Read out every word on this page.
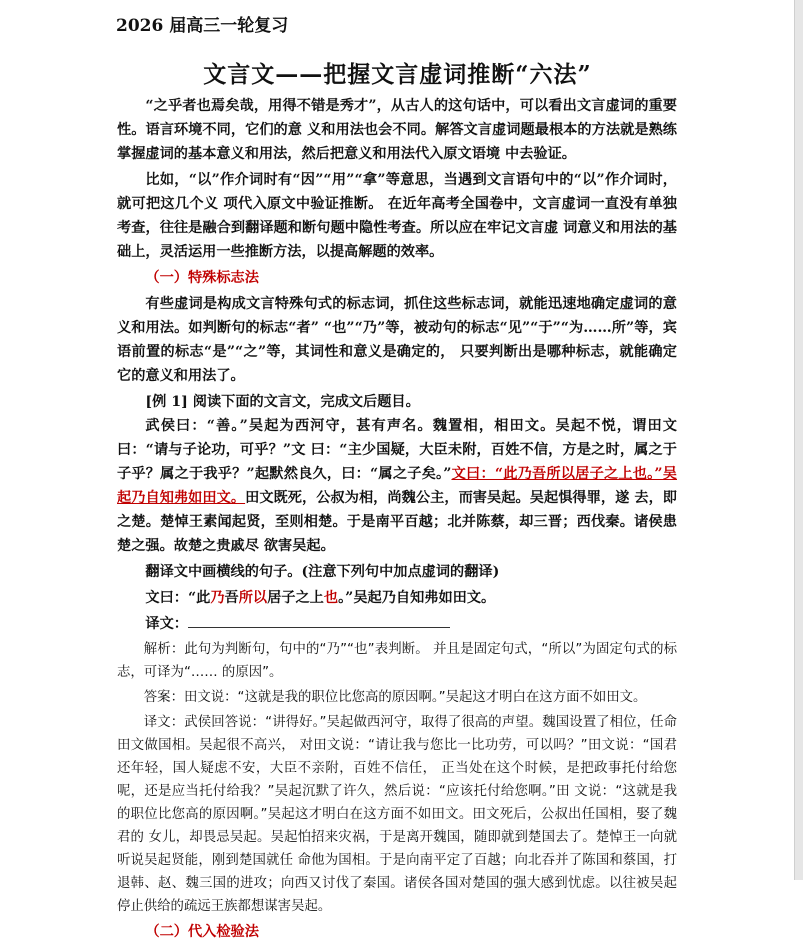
2026 届高三一轮复习
文言文——把握文言虚词推断“六法”

“之乎者也焉矣哉，用得不错是秀才”，从古人的这句话中，可以看出文言虚词的重要性。语言环境不同，它们的意 义和用法也会不同。解答文言虚词题最根本的方法就是熟练掌握虚词的基本意义和用法，然后把意义和用法代入原文语境 中去验证。

比如，“以”作介词时有“因”“用”“拿”等意思，当遇到文言语句中的“以”作介词时，就可把这几个义 项代入原文中验证推断。 在近年高考全国卷中，文言虚词一直没有单独考查，往往是融合到翻译题和断句题中隐性考查。所以应在牢记文言虚 词意义和用法的基础上，灵活运用一些推断方法，以提高解题的效率。

（一）特殊标志法

有些虚词是构成文言特殊句式的标志词，抓住这些标志词，就能迅速地确定虚词的意义和用法。如判断句的标志“者” “也”“乃”等，被动句的标志“见”“于”“为……所”等，宾语前置的标志“是”“之”等，其词性和意义是确定的， 只要判断出是哪种标志，就能确定它的意义和用法了。

[例 1] 阅读下面的文言文，完成文后题目。

武侯曰：“善。”吴起为西河守，甚有声名。魏置相，相田文。吴起不悦，谓田文曰：“请与子论功，可乎？”文 曰：“主少国疑，大臣未附，百姓不信，方是之时，属之于子乎？属之于我乎？”起默然良久，曰：“属之子矣。”文曰：“此乃吾所以居子之上也。”吴起乃自知弗如田文。田文既死，公叔为相，尚魏公主，而害吴起。吴起惧得罪，遂 去，即之楚。楚悼王素闻起贤，至则相楚。于是南平百越；北并陈蔡，却三晋；西伐秦。诸侯患楚之强。故楚之贵戚尽 欲害吴起。

翻译文中画横线的句子。(注意下列句中加点虚词的翻译)

文曰：“此乃吾所以居子之上也。”吴起乃自知弗如田文。

译文：

解析：此句为判断句，句中的“乃”“也”表判断。 并且是固定句式，“所以”为固定句式的标志，可译为“…… 的原因”。

答案：田文说：“这就是我的职位比您高的原因啊。”吴起这才明白在这方面不如田文。

译文：武侯回答说：“讲得好。”吴起做西河守，取得了很高的声望。魏国设置了相位，任命田文做国相。吴起很不高兴， 对田文说：“请让我与您比一比功劳，可以吗？”田文说：“国君还年轻，国人疑虑不安，大臣不亲附，百姓不信任， 正当处在这个时候，是把政事托付给您呢，还是应当托付给我？”吴起沉默了许久，然后说：“应该托付给您啊。”田 文说：“这就是我的职位比您高的原因啊。”吴起这才明白在这方面不如田文。田文死后，公叔出任国相，娶了魏君的 女儿，却畏忌吴起。吴起怕招来灾祸，于是离开魏国，随即就到楚国去了。楚悼王一向就听说吴起贤能，刚到楚国就任 命他为国相。于是向南平定了百越；向北吞并了陈国和蔡国，打退韩、赵、魏三国的进攻；向西又讨伐了秦国。诸侯各国对楚国的强大感到忧虑。以往被吴起停止供给的疏远王族都想谋害吴起。

（二）代入检验法
